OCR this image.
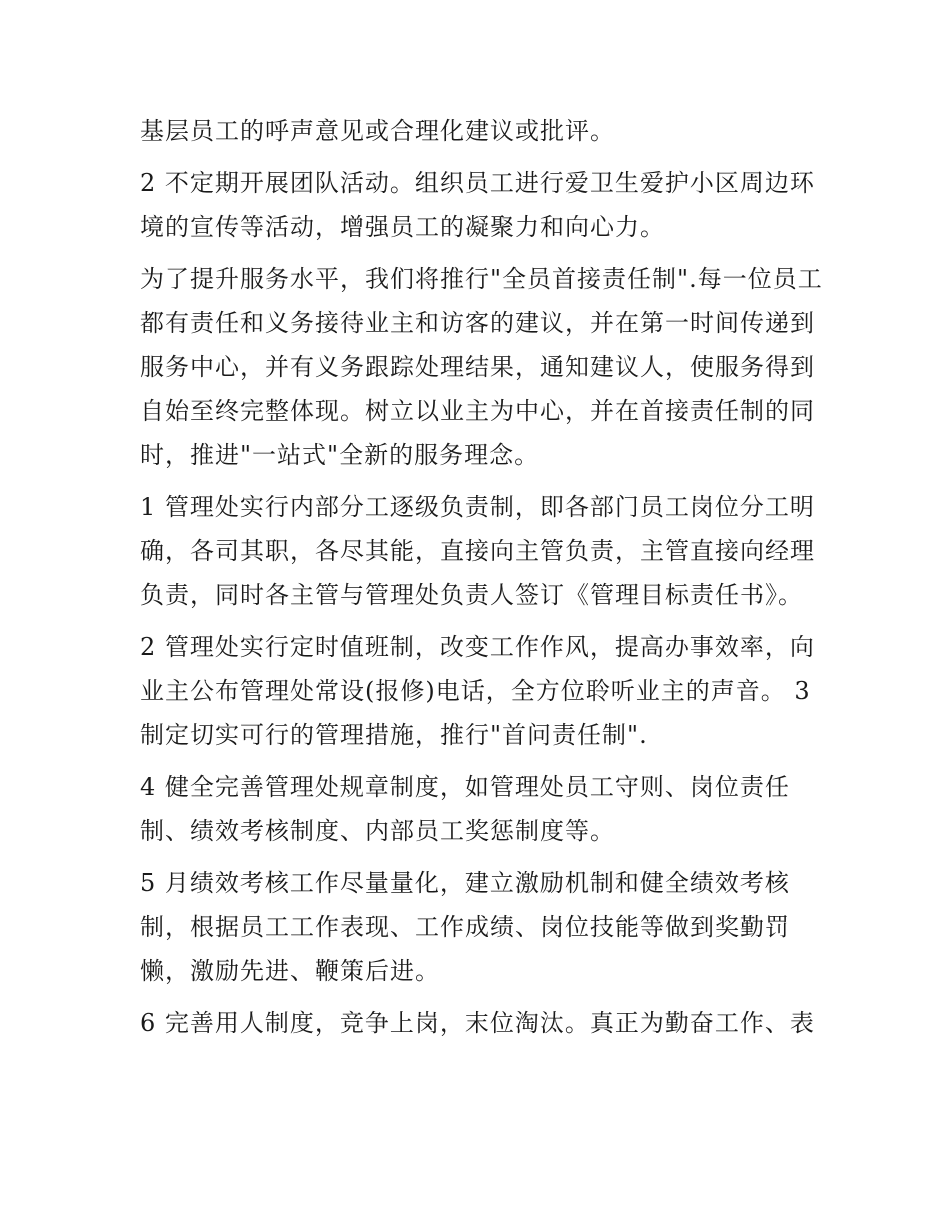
基层员工的呼声意见或合理化建议或批评。
2 不定期开展团队活动。组织员工进行爱卫生爱护小区周边环
境的宣传等活动，增强员工的凝聚力和向心力。
为了提升服务水平，我们将推行"全员首接责任制".每一位员工
都有责任和义务接待业主和访客的建议，并在第一时间传递到
服务中心，并有义务跟踪处理结果，通知建议人，使服务得到
自始至终完整体现。树立以业主为中心，并在首接责任制的同
时，推进"一站式"全新的服务理念。
1 管理处实行内部分工逐级负责制，即各部门员工岗位分工明
确，各司其职，各尽其能，直接向主管负责，主管直接向经理
负责，同时各主管与管理处负责人签订《管理目标责任书》。
2 管理处实行定时值班制，改变工作作风，提高办事效率，向
业主公布管理处常设(报修)电话，全方位聆听业主的声音。 3
制定切实可行的管理措施，推行"首问责任制".
4 健全完善管理处规章制度，如管理处员工守则、岗位责任
制、绩效考核制度、内部员工奖惩制度等。
5 月绩效考核工作尽量量化，建立激励机制和健全绩效考核
制，根据员工工作表现、工作成绩、岗位技能等做到奖勤罚
懒，激励先进、鞭策后进。
6 完善用人制度，竞争上岗，末位淘汰。真正为勤奋工作、表
